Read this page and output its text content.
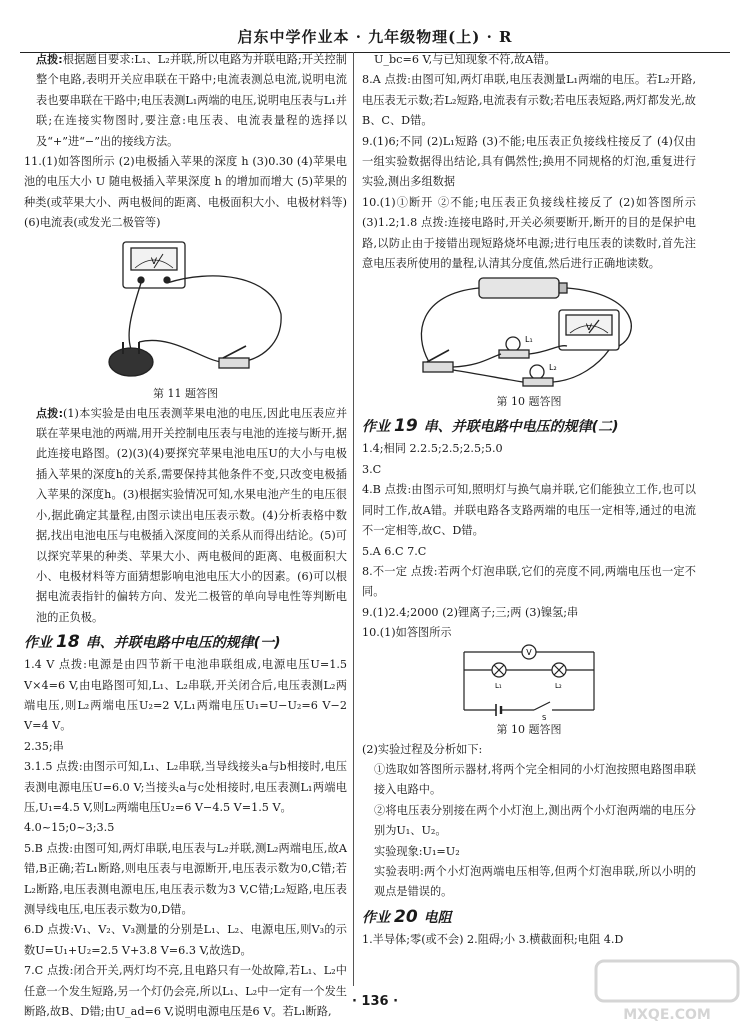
启东中学作业本 · 九年级物理(上) · R

点拨:根据题目要求:L₁、L₂并联,所以电路为并联电路;开关控制整个电路,表明开关应串联在干路中;电流表测总电流,说明电流表也要串联在干路中;电压表测L₁两端的电压,说明电压表与L₁并联;在连接实物图时,要注意:电压表、电流表量程的选择以及“+”进“−”出的接线方法。

11.(1)如答图所示 (2)电极插入苹果的深度 h (3)0.30 (4)苹果电池的电压大小 U 随电极插入苹果深度 h 的增加而增大 (5)苹果的种类(或苹果大小、两电极间的距离、电极面积大小、电极材料等) (6)电流表(或发光二极管等)

V

第 11 题答图

点拨:(1)本实验是由电压表测苹果电池的电压,因此电压表应并联在苹果电池的两端,用开关控制电压表与电池的连接与断开,据此连接电路图。(2)(3)(4)要探究苹果电池电压U的大小与电极插入苹果的深度h的关系,需要保持其他条件不变,只改变电极插入苹果的深度h。(3)根据实验情况可知,水果电池产生的电压很小,据此确定其量程,由图示读出电压表示数。(4)分析表格中数据,找出电池电压与电极插入深度间的关系从而得出结论。(5)可以探究苹果的种类、苹果大小、两电极间的距离、电极面积大小、电极材料等方面猜想影响电池电压大小的因素。(6)可以根据电流表指针的偏转方向、发光二极管的单向导电性等判断电池的正负极。

作业 18 串、并联电路中电压的规律(一)

1.4 V 点拨:电源是由四节新干电池串联组成,电源电压U=1.5 V×4=6 V,由电路图可知,L₁、L₂串联,开关闭合后,电压表测L₂两端电压,则L₂两端电压U₂=2 V,L₁两端电压U₁=U−U₂=6 V−2 V=4 V。

2.35;串

3.1.5 点拨:由图示可知,L₁、L₂串联,当导线接头a与b相接时,电压表测电源电压U=6.0 V;当接头a与c处相接时,电压表测L₁两端电压,U₁=4.5 V,则L₂两端电压U₂=6 V−4.5 V=1.5 V。

4.0~15;0~3;3.5

5.B 点拨:由图可知,两灯串联,电压表与L₂并联,测L₂两端电压,故A错,B正确;若L₁断路,则电压表与电源断开,电压表示数为0,C错;若L₂断路,电压表测电源电压,电压表示数为3 V,C错;L₂短路,电压表测导线电压,电压表示数为0,D错。

6.D 点拨:V₁、V₂、V₃测量的分别是L₁、L₂、电源电压,则V₃的示数U=U₁+U₂=2.5 V+3.8 V=6.3 V,故选D。

7.C 点拨:闭合开关,两灯均不亮,且电路只有一处故障,若L₁、L₂中任意一个发生短路,另一个灯仍会亮,所以L₁、L₂中一定有一个发生断路,故B、D错;由U_ad=6 V,说明电源电压是6 V。若L₁断路,

U_bc=6 V,与已知现象不符,故A错。

8.A 点拨:由图可知,两灯串联,电压表测量L₁两端的电压。若L₂开路,电压表无示数;若L₂短路,电流表有示数;若电压表短路,两灯都发光,故B、C、D错。

9.(1)6;不同 (2)L₁短路 (3)不能;电压表正负接线柱接反了 (4)仅由一组实验数据得出结论,具有偶然性;换用不同规格的灯泡,重复进行实验,测出多组数据

10.(1)①断开 ②不能;电压表正负接线柱接反了 (2)如答图所示 (3)1.2;1.8 点拨:连接电路时,开关必须要断开,断开的目的是保护电路,以防止由于接错出现短路烧坏电源;进行电压表的读数时,首先注意电压表所使用的量程,认清其分度值,然后进行正确地读数。

V
L₁
L₂

第 10 题答图

作业 19 串、并联电路中电压的规律(二)

1.4;相同 2.2.5;2.5;2.5;5.0

3.C

4.B 点拨:由图示可知,照明灯与换气扇并联,它们能独立工作,也可以同时工作,故A错。并联电路各支路两端的电压一定相等,通过的电流不一定相等,故C、D错。

5.A 6.C 7.C

8.不一定 点拨:若两个灯泡串联,它们的亮度不同,两端电压也一定不同。

9.(1)2.4;2000 (2)锂离子;三;两 (3)镍氢;串

10.(1)如答图所示

V
L₁	L₂
S

第 10 题答图

(2)实验过程及分析如下:

①选取如答图所示器材,将两个完全相同的小灯泡按照电路图串联接入电路中。

②将电压表分别接在两个小灯泡上,测出两个小灯泡两端的电压分别为U₁、U₂。

实验现象:U₁=U₂

实验表明:两个小灯泡两端电压相等,但两个灯泡串联,所以小明的观点是错误的。

作业 20 电阻

1.半导体;零(或不会) 2.阻碍;小 3.横截面积;电阻 4.D

· 136 ·
MXQE.COM
